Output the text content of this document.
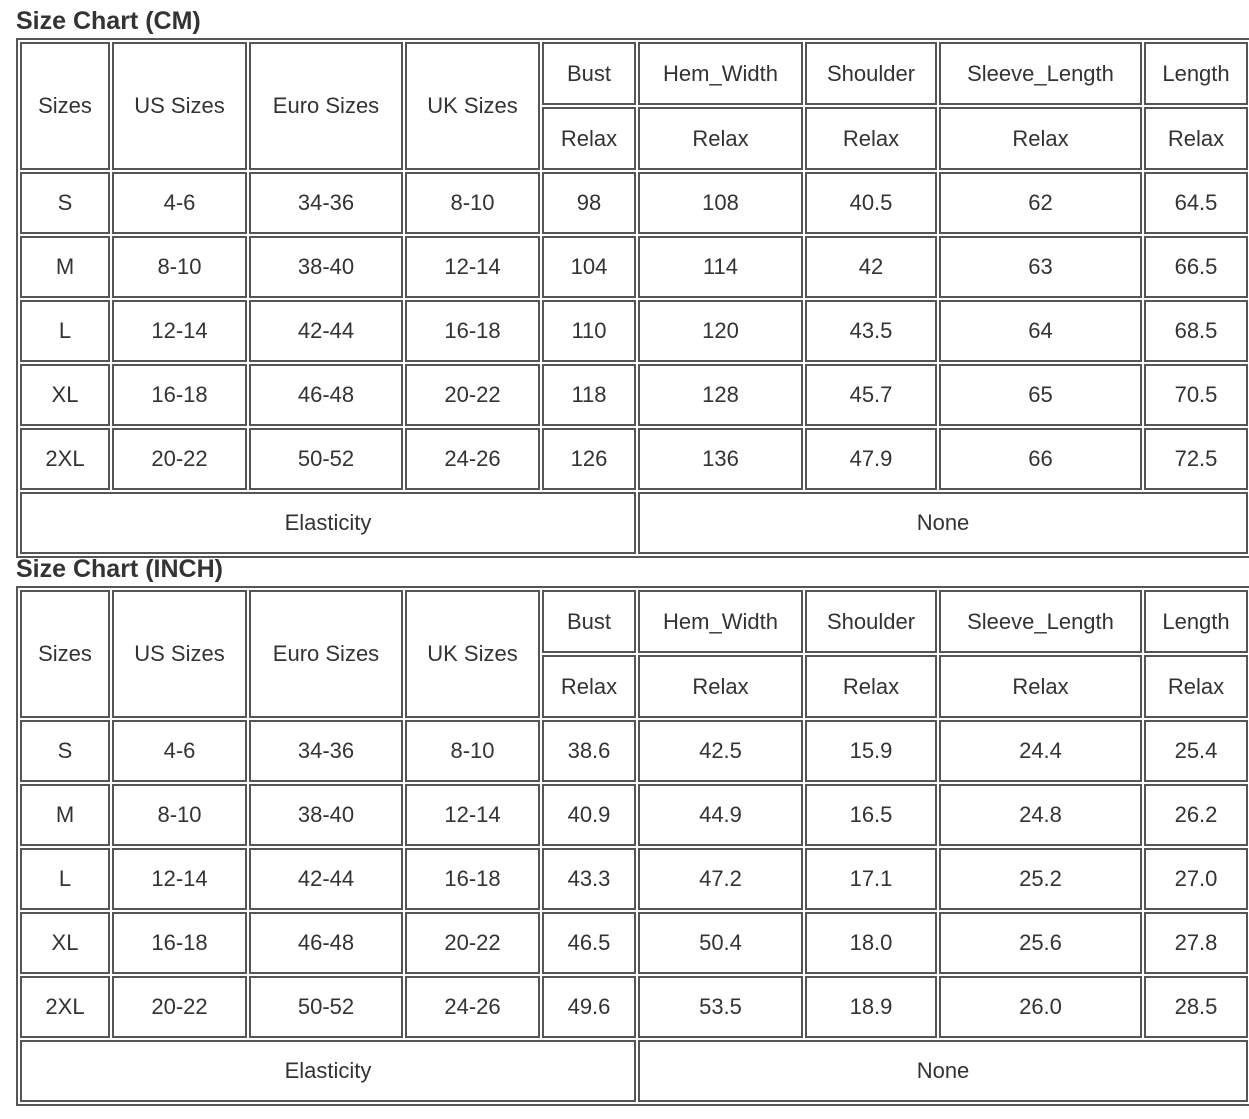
Size Chart (CM)
Sizes	US Sizes	Euro Sizes	UK Sizes	Bust	Hem_Width	Shoulder	Sleeve_Length	Length
				Relax	Relax	Relax	Relax	Relax
S	4-6	34-36	8-10	98	108	40.5	62	64.5
M	8-10	38-40	12-14	104	114	42	63	66.5
L	12-14	42-44	16-18	110	120	43.5	64	68.5
XL	16-18	46-48	20-22	118	128	45.7	65	70.5
2XL	20-22	50-52	24-26	126	136	47.9	66	72.5
Elasticity					None			
Size Chart (INCH)
Sizes	US Sizes	Euro Sizes	UK Sizes	Bust	Hem_Width	Shoulder	Sleeve_Length	Length
				Relax	Relax	Relax	Relax	Relax
S	4-6	34-36	8-10	38.6	42.5	15.9	24.4	25.4
M	8-10	38-40	12-14	40.9	44.9	16.5	24.8	26.2
L	12-14	42-44	16-18	43.3	47.2	17.1	25.2	27.0
XL	16-18	46-48	20-22	46.5	50.4	18.0	25.6	27.8
2XL	20-22	50-52	24-26	49.6	53.5	18.9	26.0	28.5
Elasticity					None			
